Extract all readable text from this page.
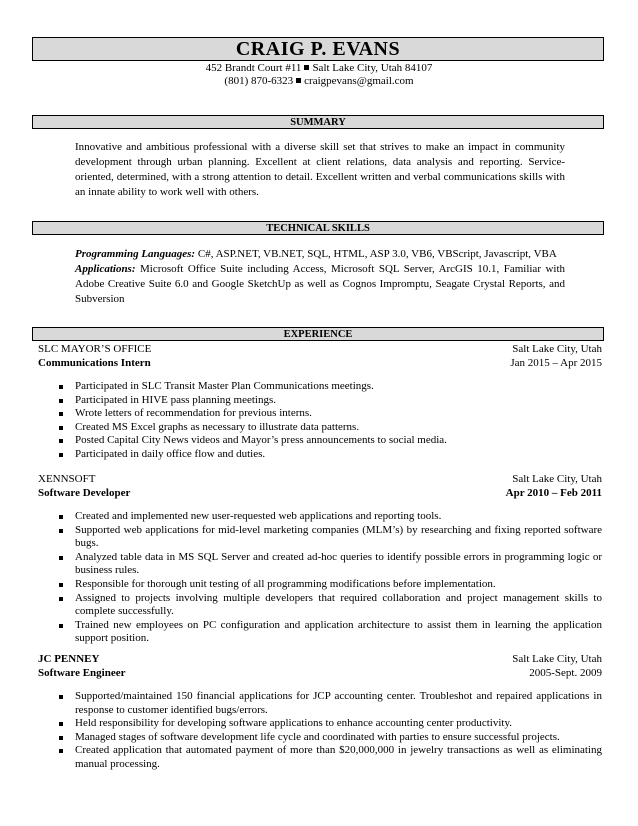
CRAIG P. EVANS
452 Brandt Court #11 Salt Lake City, Utah 84107
(801) 870-6323 craigpevans@gmail.com
SUMMARY
Innovative and ambitious professional with a diverse skill set that strives to make an impact in community development through urban planning. Excellent at client relations, data analysis and reporting. Service-oriented, determined, with a strong attention to detail. Excellent written and verbal communications skills with an innate ability to work well with others.
TECHNICAL SKILLS
Programming Languages: C#, ASP.NET, VB.NET, SQL, HTML, ASP 3.0, VB6, VBScript, Javascript, VBA
Applications: Microsoft Office Suite including Access, Microsoft SQL Server, ArcGIS 10.1, Familiar with Adobe Creative Suite 6.0 and Google SketchUp as well as Cognos Impromptu, Seagate Crystal Reports, and Subversion
EXPERIENCE
SLC MAYOR’S OFFICE	Salt Lake City, Utah
Communications Intern	Jan 2015 – Apr 2015
Participated in SLC Transit Master Plan Communications meetings.
Participated in HIVE pass planning meetings.
Wrote letters of recommendation for previous interns.
Created MS Excel graphs as necessary to illustrate data patterns.
Posted Capital City News videos and Mayor’s press announcements to social media.
Participated in daily office flow and duties.
XENNSOFT	Salt Lake City, Utah
Software Developer	Apr 2010 – Feb 2011
Created and implemented new user-requested web applications and reporting tools.
Supported web applications for mid-level marketing companies (MLM’s) by researching and fixing reported software bugs.
Analyzed table data in MS SQL Server and created ad-hoc queries to identify possible errors in programming logic or business rules.
Responsible for thorough unit testing of all programming modifications before implementation.
Assigned to projects involving multiple developers that required collaboration and project management skills to complete successfully.
Trained new employees on PC configuration and application architecture to assist them in learning the application support position.
JC PENNEY	Salt Lake City, Utah
Software Engineer	2005-Sept. 2009
Supported/maintained 150 financial applications for JCP accounting center. Troubleshot and repaired applications in response to customer identified bugs/errors.
Held responsibility for developing software applications to enhance accounting center productivity.
Managed stages of software development life cycle and coordinated with parties to ensure successful projects.
Created application that automated payment of more than $20,000,000 in jewelry transactions as well as eliminating manual processing.
